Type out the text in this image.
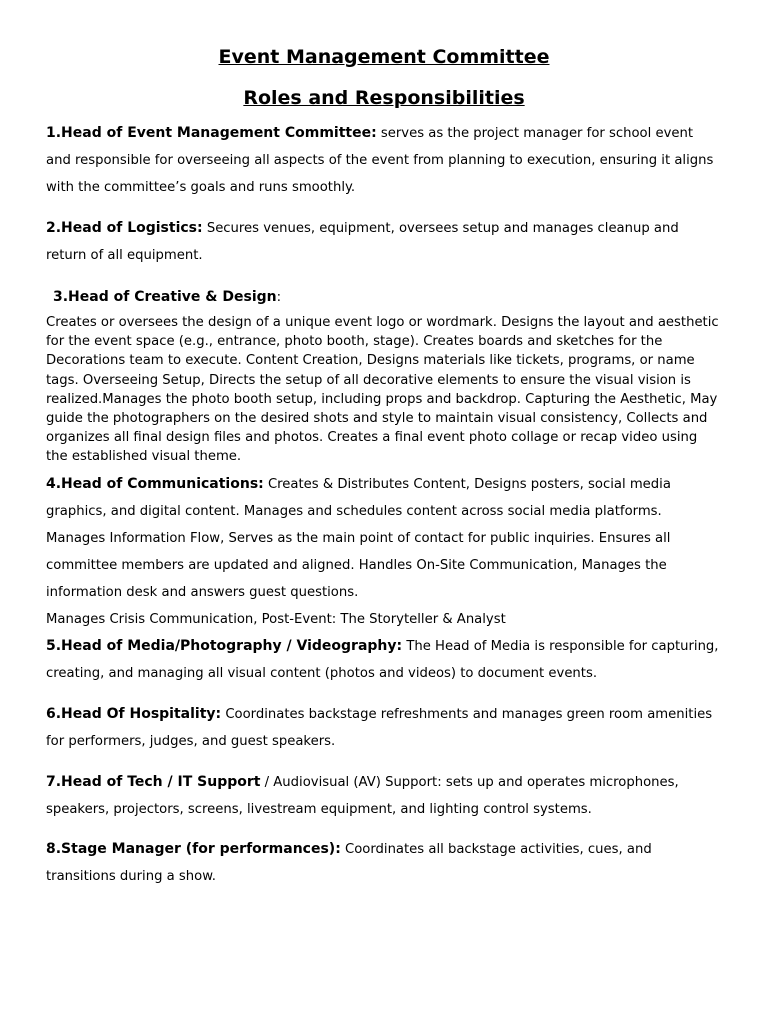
Event Management Committee
Roles and Responsibilities

1.Head of Event Management Committee: serves as the project manager for school event and responsible for overseeing all aspects of the event from planning to execution, ensuring it aligns with the committee’s goals and runs smoothly.

2.Head of Logistics: Secures venues, equipment, oversees setup and manages cleanup and return of all equipment.

3.Head of Creative & Design:

Creates or oversees the design of a unique event logo or wordmark. Designs the layout and aesthetic for the event space (e.g., entrance, photo booth, stage). Creates boards and sketches for the Decorations team to execute. Content Creation, Designs materials like tickets, programs, or name tags. Overseeing Setup, Directs the setup of all decorative elements to ensure the visual vision is realized.Manages the photo booth setup, including props and backdrop. Capturing the Aesthetic, May guide the photographers on the desired shots and style to maintain visual consistency, Collects and organizes all final design files and photos. Creates a final event photo collage or recap video using the established visual theme.

4.Head of Communications: Creates & Distributes Content, Designs posters, social media graphics, and digital content. Manages and schedules content across social media platforms. Manages Information Flow, Serves as the main point of contact for public inquiries. Ensures all committee members are updated and aligned. Handles On-Site Communication, Manages the information desk and answers guest questions.

Manages Crisis Communication, Post-Event: The Storyteller & Analyst

5.Head of Media/Photography / Videography: The Head of Media is responsible for capturing, creating, and managing all visual content (photos and videos) to document events.

6.Head Of Hospitality: Coordinates backstage refreshments and manages green room amenities for performers, judges, and guest speakers.

7.Head of Tech / IT Support / Audiovisual (AV) Support: sets up and operates microphones, speakers, projectors, screens, livestream equipment, and lighting control systems.

8.Stage Manager (for performances): Coordinates all backstage activities, cues, and transitions during a show.
